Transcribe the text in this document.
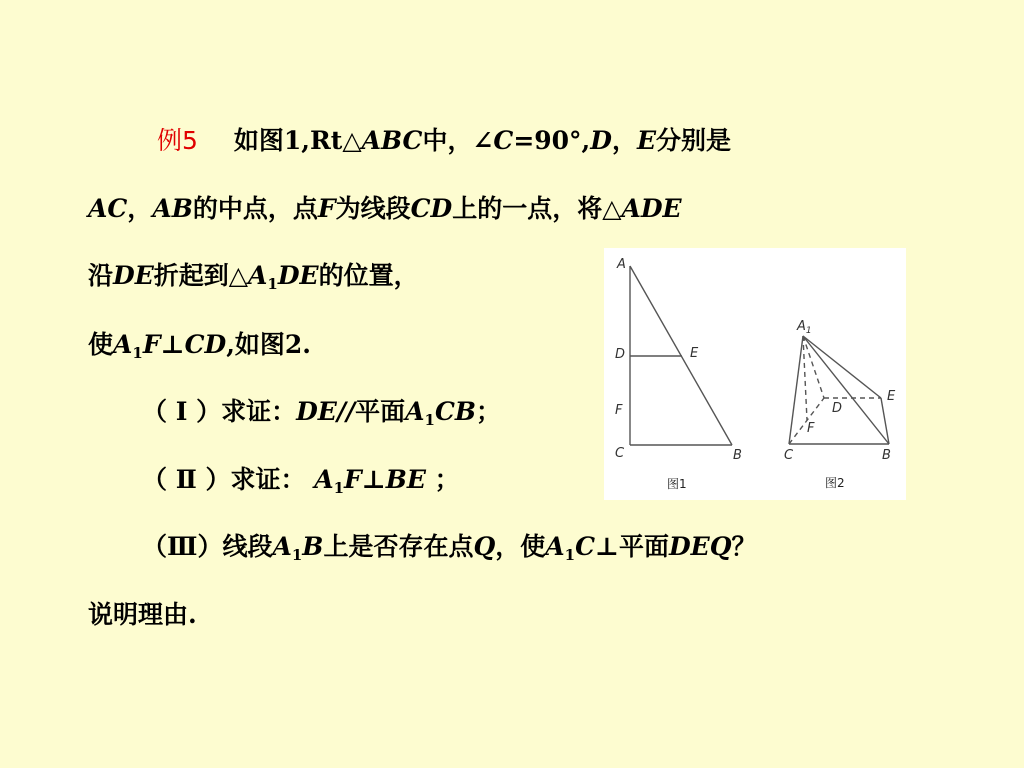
例5 如图1,Rt△ABC中，∠C=90°,D，E分别是
AC，AB的中点，点F为线段CD上的一点，将△ADE
沿DE折起到$\triangle A_1DE$的位置，
使$A_1F\perp CD$,如图2.
（ Ⅰ ）求证：DE//平面$A_1CB$；
（ Ⅱ ）求证： $A_1F\perp BE$ ；
（Ⅲ）线段$A_1B$上是否存在点Q，使$A_1C\perp$平面DEQ？
说明理由.
A
D	E
F
C	B
图1
$A_1$
E
D
F
C	B
图2
